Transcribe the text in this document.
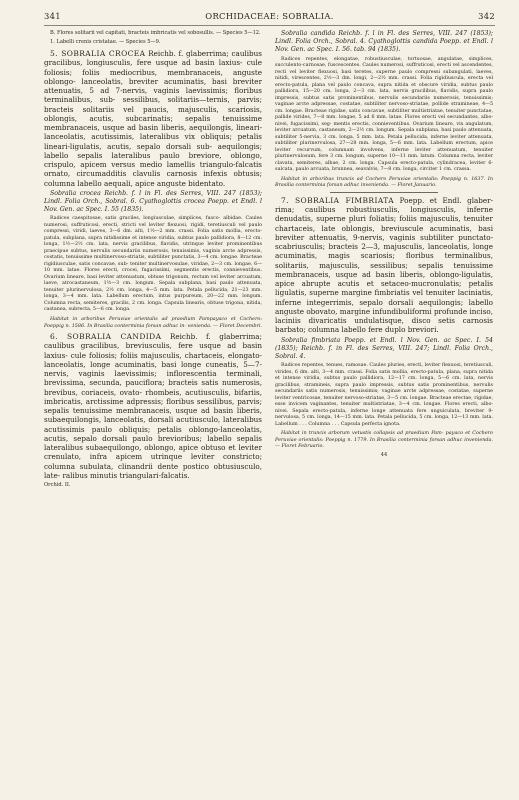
341	ORCHIDACEAE: SOBRALIA.	342

B. Flores solitarii vel capitati, bracteis imbricatis vel sobosullis. — Species 5—12.

1. Labelli crenis cristatae. — Species 5—9.

5. SOBRALIA CROCEA Reichb. f. glaberrima; caulibus gracilibus, longiusculis, fere usque ad basin laxius- cule foliosis; foliis mediocribus, membranaceis, anguste oblongo- lanceolatis, breviter acuminatis, basi breviter attenuatis, 5 ad 7-nervis, vaginis laevissimis; floribus terminalibus, sub- sessilibus, solitariis—ternis, parvis; bracteis solitariis vel paucis, majusculis, scariosis, oblongis, acutis, subcarinatis; sepalis tenuissime membranaceis, usque ad basin liberis, aequilongis, lineari-lanceolatis, acutissimis, lateralibus vix obliquis; petalis lineari-ligulatis, acutis, sepalo dorsali sub- aequilongis; labello sepalis lateralibus paulo breviore, oblongo, crispulo, apicem versus medio lamellis triangulo-falcatis ornato, circumadditis clavulis carnosis infexis obtusis; columna labello aequali, apice anguste bidentato.

Sobralia crocea Reichb. f. l in Fl. des Serres, VIII. 247 (1853); Lindl. Folia Orch., Sobral. 6. Cyathoglottis crocea Poepp. et Endl. l Nov. Gen. ac Spec. I. 55 (1835).

Radices caespitosae, satis graciles, longiusculae, simplices, fusco- albidae. Caules numerosi, suffruticosi, erecti, stricti vel leviter flexuosi, rigidi, teretiusculi vel paulo compressi, viridi, laeves, 3—6 dm. alti, 1½—2 mm. crassi. Folia satis mollia, erecto-patula, subplana, supra nitidissime et intense viridia, subtus paulo pallidiora, 8—12 cm. longa, 1½—2½ cm. lata, nervis gracilibus, flavidis, utrinque leviter prominentibus praecipue subtus, nervulis secundariis numerosis, tenuissimis, vaginis arcte adpressis, costatis, tenuissime multinervoso-striatis, subtiliter punctatis, 3—4 cm. longae. Bracteae rigidiusculae, satis concavae, sub- teniter multinervosulae, viridae, 2—3 cm. longae, 6—10 mm. latae. Flores erecti, crocei, fugacissimi, segmentis erectis, connieventibus. Ovarium lineare, basi leviter attenuatum, obtuse trigonum, rectum vel leviter arcuatum, laeve, atrocastaneum, 1½—3 cm. longum. Sepala subplana, basi paulo attenuata, tenuiter plurinervulosa, 2½ cm. longa, 4—5 mm. lata. Petala pellucida, 21—23 mm. longa, 3—4 mm. lata. Labellum erectum, intus purpureum, 20—22 mm. longum. Columna recta, semiteres, gracilis, 2 cm. longa. Capsula linearis, obtuse trigona, nitida, castanea, subrecta, 5—6 cm. longa.

Habitat in arboribus Peruviae orientalis ad praedium Pampayaco et Cochero: Poeppig n. 1586. In Brasilia conterminia forsan adhuc in- venienda. — Floret Decembri.

6. SOBRALIA CANDIDA Reichb. f. glaberrima; caulibus gracilibus, breviusculis, fere usque ad basin laxius- cule foliosis; foliis majusculis, chartaceis, elongato-lanceolatis, longe acuminatis, basi longe cuneatis, 5—7-nervis, vaginis laevissimis; inflorescentia terminali, brevissima, secunda, pauciflora; bracteis satis numerosis, brevibus, coriaceis, ovato- rhombeis, acutiusculis, bifariis, imbricatis, arctissime adpressis; floribus sessilibus, parvis; sepalis tenuissime membranaceis, usque ad basin liberis, subaequilongis, lanceolatis, dorsali acutiusculo, lateralibus acutissimis paulo obliquis; petalis oblongo-lanceolatis, acutis, sepalo dorsali paulo brevioribus; labello sepalis lateralibus subaequilongo, oblongo, apice obtuso et leviter crenulato, infra apicem utrinque leviter constricto; columna subulata, clinandrii dente postico obtusiusculo, late- ralibus minutis triangulari-falcatis.

Orchid. II.

Sobralia candida Reichb. f. l in Fl. des Serres, VIII. 247 (1853); Lindl. Folia Orch., Sobral. 4. Cyathoglottis candida Poepp. et Endl. l Nov. Gen. ac Spec. I. 56. tab. 94 (1835).

Radices repentes, elongatae, robustiusculae, tortuosae, angulatae, simplices, succulento-carnosae, fuscescentes. Caules numerosi, suffruticosi, erecti vel ascendentes, recti vel leviter flexuosi, basi teretes, superne paulo compressi subangulati, laeves, nitidi, virescentes, 2½—3 dm. longi, 2—2½ mm. crassi. Folia rigidiuscula, erecta vel erecto-patula, plana vel paulo concava, supra nitida et obscure viridia, subtus paulo pallidiora, 15—20 cm. longa, 2—3 cm. lata, nervis gracilibus, flavidis, supra paulo impressis, subtus satis prominentibus, nervulis secundariis numerosis, tenuissimis; vaginae arcte adpressae, costatae, subtiliter nervoso-striatae, pollide stramineae, 4—5 cm. longae. Bracteae rigidae, satis concavae, subtiliter multistriatae, tenuiter punctatae, pallide virides, 7—8 mm. longae, 5 ad 6 mm. latae. Flores erecti vel secundantes, albo-nivei, fugacissimi, seg- mentis erectis, connieventibus. Ovarium lineare, vix angulatum, leviter arcuatum, castaneum, 2—2½ cm. longum. Sepala subplana, basi paulo attenuata, subtiliter 5-nervia, 3 cm. longa, 5 mm. lata. Petala pellucida, inferne leviter attenuata, subtiliter plurinervulosa, 27—28 mm. longa, 5—6 mm. lata. Labellum erectum, apice leviter recurvum, columnam involvens, inferne leviter attenuatum, tenuiter plurinervulosum, fere 3 cm. longum, superne 10—11 mm. latum. Columna recta, leviter clavata, semiteres, albae, 2 cm. longa. Capsula erecto-patula, cylindracea, leviter 6-sulcata, paulo arcuata, brunnea, seavalvis, 7—8 cm. longa, circiter 1 cm. crassa.

Habitat in arboribus truncis ad Cochero Peruviae orientalis: Poeppig n. 1637. In Brasilia conterminia forsan adhuc invenienda. — Floret Januario.

7. SOBRALIA FIMBRIATA Poepp. et Endl. glaber- rima; caulibus robustiusculis, longiusculis, inferne denudatis, superne pluri foliatis; foliis majusculis, tenuiter chartaceis, late oblongis, breviuscule acuminatis, basi breviter attenuatis, 9-nervis, vaginis subtiliter punctato-scabriusculis; bracteis 2—3, majusculis, lanceolatis, longe acuminatis, magis scariosis; floribus terminalibus, solitariis, majusculis, sessilibus; sepalis tenuissime membranaceis, usque ad basin liberis, oblongo-ligulatis, apice abrupte acutis et setaceo-mucronulatis; petalis ligulatis, superne margine fimbriatis vel tenuiter laciniatis, inferne integerrimis, sepalo dorsali aequilongis; labello anguste obovato, margine infundibuliformi profunde inciso, laciniis divaricatis undulatisque, disco setis carnosis barbato; columna labello fere duplo breviori.

Sobralia fimbriata Poepp. et Endl. l Nov. Gen. ac Spec. I. 54 (1835); Reichb. f. in Fl. des Serres, VIII. 247; Lindl. Folia Orch., Sobral. 4.

Radices repentes, tenues, ramosae. Caules pluries, erecti, leviter flexuosi, teretiusculi, virides, 6 dm. alti, 3—4 mm. crassi. Folia satis mollia, erecto-patula, plana, supra nitida et intense viridia, subtus paulo pallidiora, 12—17 cm. longa, 5—6 cm. lata, nervis gracilibus, stramineis, supra paulo impressis, subtus satis prominentibus, nervulis secundariis satis numerosis, tenuissimis; vaginae arcte adpressae, costatae, superne leviter ventricosae, tenuiter nervoso-striatae, 3—5 cm. longae. Bracteae erectae, rigidae, esse invicem vaginantes, tenuiter multistriatae, 3—4 cm. longae. Flores erecti, albo-nivei. Sepala erecto-patula, inferne longe attenuata fere unguiculata, breviter 9-nervulosa, 5 cm. longa, 14—15 mm. lata. Petala pellucida, 5 cm. longa, 12—13 mm. lata. Labellum . . . Columna . . . Capsula perfecta ignota.

Habitat in truncis arborum vetustis collapsis ad praedium Pam- payaco et Cochero Peruviae orientalis: Poeppig n. 1779. In Brasilia conterminia forsan adhuc invenienda. — Floret Februario.

44
